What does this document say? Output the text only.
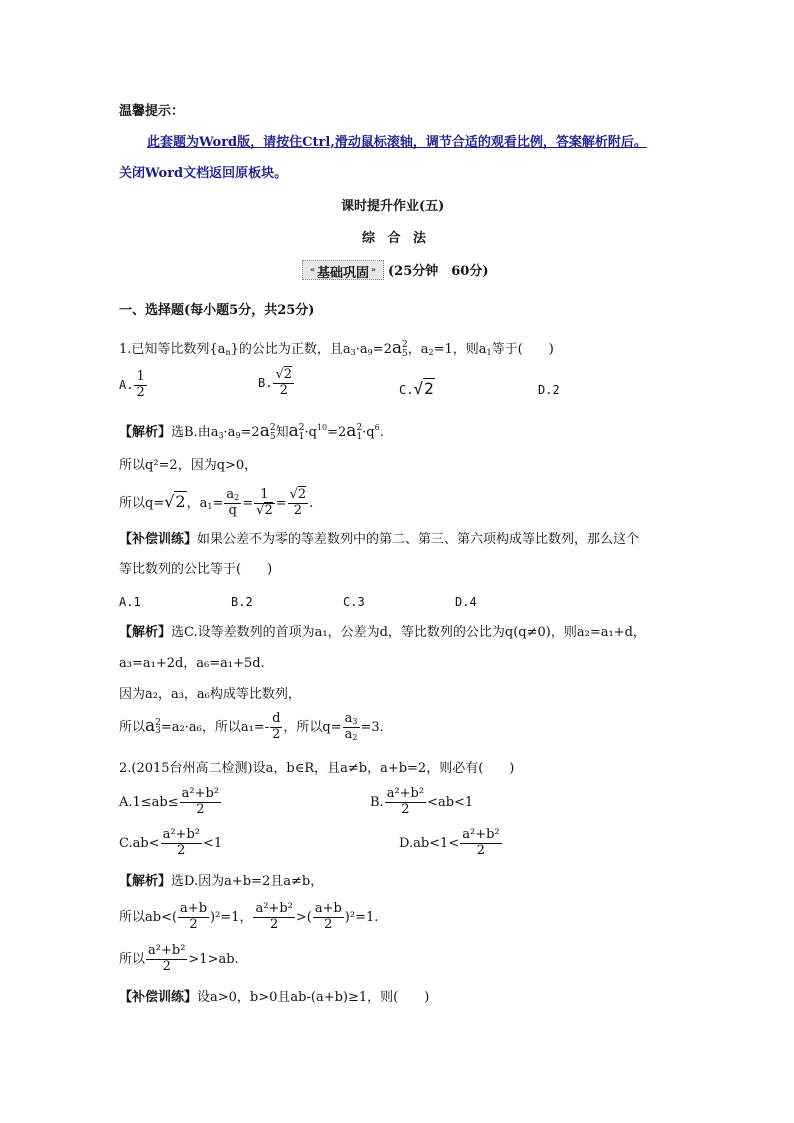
温馨提示：
此套题为Word版，请按住Ctrl,滑动鼠标滚轴，调节合适的观看比例，答案解析附后。
关闭Word文档返回原板块。
课时提升作业(五)
综 合 法
« 基础巩固 »	(25分钟　60分)
一、选择题(每小题5分，共25分)
1.已知等比数列$\{a_n\}$的公比为正数，且$a_3\cdot a_9=2a$ 2
5 ，$a_2=1$，则$a_1$等于(　　)
A. $\frac{1}{2}$	B. $\frac{√2}{2}$	C.√2	D.2
【解析】选B.由$a_3\cdot a_9=2a$ 2
5 知a 2
$1 \cdot q^{10}=2a$ 2
$1 \cdot q^6$.
所以q²=2，因为q>0，
所以q=√2，$a_1= \frac{a_2}{q} = \frac{1}{√2} = \frac{√2}{2}$ .
【补偿训练】如果公差不为零的等差数列中的第二、第三、第六项构成等比数列，那么这个
等比数列的公比等于(　　)
A.1	B.2	C.3	D.4
【解析】选C.设等差数列的首项为a₁，公差为d，等比数列的公比为q(q≠0)，则a₂=a₁+d，
a₃=a₁+2d，a₆=a₁+5d.
因为a₂，a₃，a₆构成等比数列，
所以a 2
3 =a₂·a₆，所以$a_1=- \frac{d}{2}$ ，所以$q= \frac{a_3}{a_2} =3$.
2.(2015台州高二检测)设a，b∈R，且a≠b，a+b=2，则必有(　　)
$A.1\le ab\le \frac{\text{a²+b²}}{2}$	B. $\frac{\text{a²+b²}}{2} <ab<1$
$C.ab< \frac{\text{a²+b²}}{2} <1$	$D.ab<1< \frac{\text{a²+b²}}{2}$
【解析】选D.因为a+b=2且a≠b，
所以$ab<( \frac{a+b}{2} )^2=1$， $\frac{\text{a²+b²}}{2}$ >( $\frac{a+b}{2} )^2=1$.
所以 $\frac{\text{a²+b²}}{2} >1>ab$.
【补偿训练】设a>0，b>0且ab-(a+b)≥1，则(　　)
